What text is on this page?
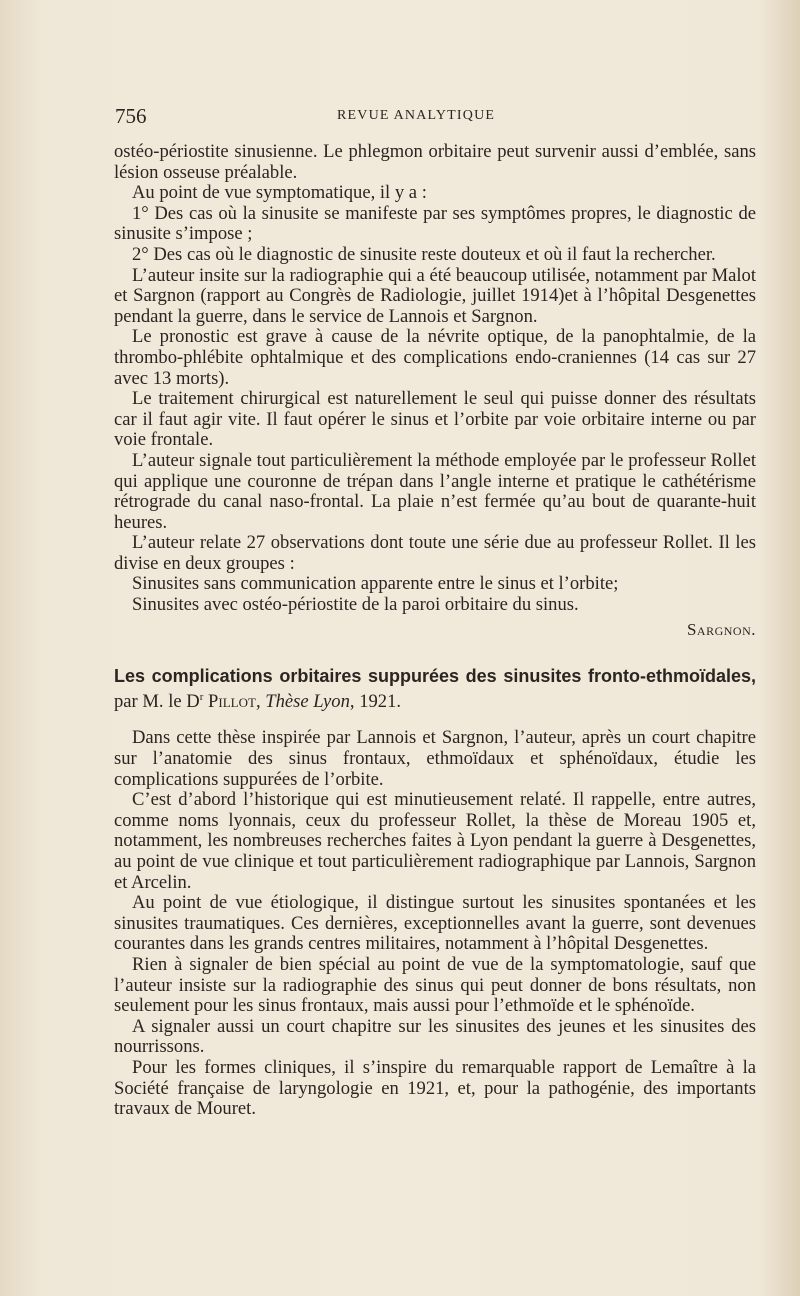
756	REVUE ANALYTIQUE

ostéo-périostite sinusienne. Le phlegmon orbitaire peut survenir aussi d’emblée, sans lésion osseuse préalable.

Au point de vue symptomatique, il y a :

1° Des cas où la sinusite se manifeste par ses symptômes propres, le diagnostic de sinusite s’impose ;

2° Des cas où le diagnostic de sinusite reste douteux et où il faut la rechercher.

L’auteur insite sur la radiographie qui a été beaucoup utilisée, notamment par Malot et Sargnon (rapport au Congrès de Radiologie, juillet 1914)et à l’hôpital Desgenettes pendant la guerre, dans le service de Lannois et Sargnon.

Le pronostic est grave à cause de la névrite optique, de la panophtalmie, de la thrombo-phlébite ophtalmique et des complications endo-craniennes (14 cas sur 27 avec 13 morts).

Le traitement chirurgical est naturellement le seul qui puisse donner des résultats car il faut agir vite. Il faut opérer le sinus et l’orbite par voie orbitaire interne ou par voie frontale.

L’auteur signale tout particulièrement la méthode employée par le professeur Rollet qui applique une couronne de trépan dans l’angle interne et pratique le cathétérisme rétrograde du canal naso-frontal. La plaie n’est fermée qu’au bout de quarante-huit heures.

L’auteur relate 27 observations dont toute une série due au professeur Rollet. Il les divise en deux groupes :

Sinusites sans communication apparente entre le sinus et l’orbite;

Sinusites avec ostéo-périostite de la paroi orbitaire du sinus.

Sargnon.
Les complications orbitaires suppurées des sinusites fronto-ethmoïdales, par M. le $D^r$ Pillot, Thèse Lyon, 1921.

Dans cette thèse inspirée par Lannois et Sargnon, l’auteur, après un court chapitre sur l’anatomie des sinus frontaux, ethmoïdaux et sphénoïdaux, étudie les complications suppurées de l’orbite.

C’est d’abord l’historique qui est minutieusement relaté. Il rappelle, entre autres, comme noms lyonnais, ceux du professeur Rollet, la thèse de Moreau 1905 et, notamment, les nombreuses recherches faites à Lyon pendant la guerre à Desgenettes, au point de vue clinique et tout particulièrement radiographique par Lannois, Sargnon et Arcelin.

Au point de vue étiologique, il distingue surtout les sinusites spontanées et les sinusites traumatiques. Ces dernières, exceptionnelles avant la guerre, sont devenues courantes dans les grands centres militaires, notamment à l’hôpital Desgenettes.

Rien à signaler de bien spécial au point de vue de la symptomatologie, sauf que l’auteur insiste sur la radiographie des sinus qui peut donner de bons résultats, non seulement pour les sinus frontaux, mais aussi pour l’ethmoïde et le sphénoïde.

A signaler aussi un court chapitre sur les sinusites des jeunes et les sinusites des nourrissons.

Pour les formes cliniques, il s’inspire du remarquable rapport de Lemaître à la Société française de laryngologie en 1921, et, pour la pathogénie, des importants travaux de Mouret.
